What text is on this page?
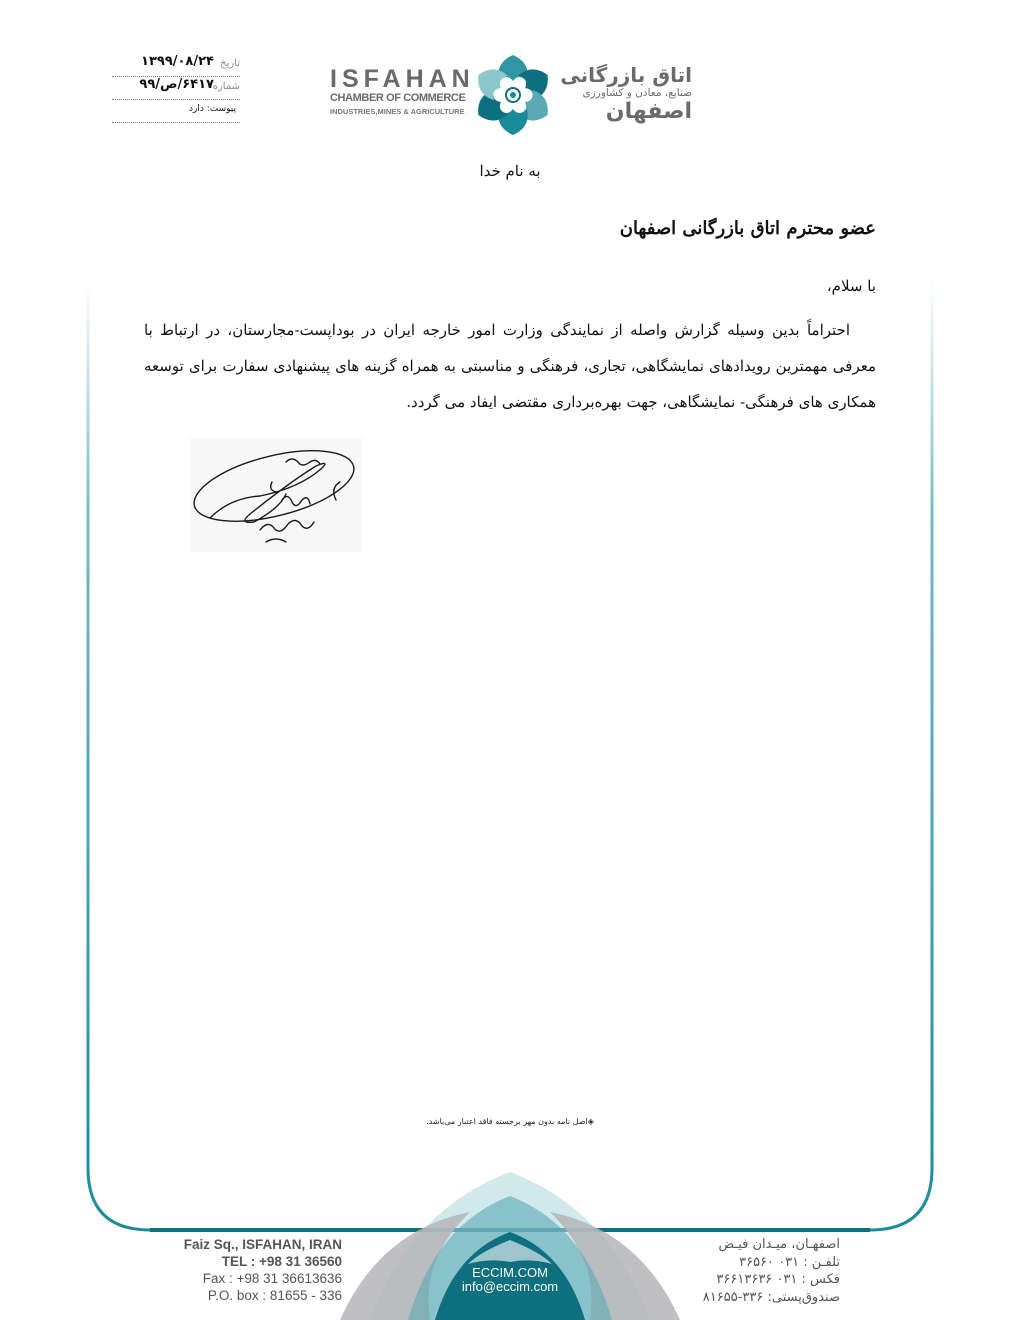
تاریخ
۱۳۹۹/۰۸/۲۴
شماره
۶۴۱۷/ص/۹۹
پیوست: دارد
ISFAHAN
CHAMBER OF COMMERCE
INDUSTRIES,MINES & AGRICULTURE
اتاق بازرگانی
صنایع، معادن و کشاورزی
اصفهان
به نام خدا
عضو محترم اتاق بازرگانی اصفهان
با سلام،
احتراماً بدین وسیله گزارش واصله از نمایندگی وزارت امور خارجه ایران در بوداپست-مجارستان، در ارتباط با معرفی مهمترین رویدادهای نمایشگاهی، تجاری، فرهنگی و مناسبتی به همراه گزینه های پیشنهادی سفارت برای توسعه همکاری های فرهنگی- نمایشگاهی، جهت بهره‌برداری مقتضی ایفاد می گردد.
◈اصل نامه بدون مهر برجسته فاقد اعتبار می‌باشد.
Faiz Sq., ISFAHAN, IRAN
TEL : +98 31 36560
Fax : +98 31 36613636
P.O. box : 81655 - 336
ECCIM.COM
info@eccim.com
اصفهـان، میـدان فیـض
تلفـن : ۰۳۱ ۳۶۵۶۰
فکس : ۰۳۱ ۳۶۶۱۳۶۳۶
صندوق‌پستی: ۳۳۶-۸۱۶۵۵
